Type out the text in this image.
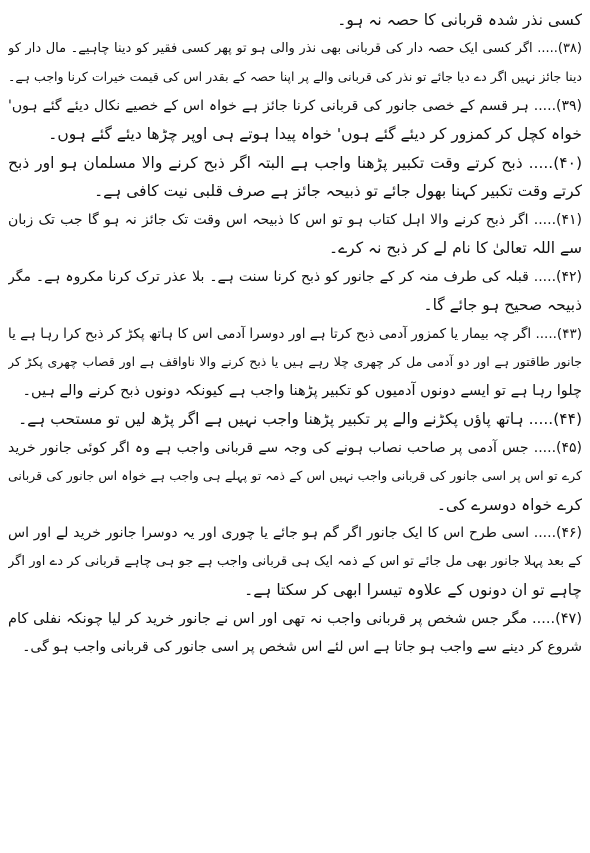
کسی نذر شدہ قربانی کا حصہ نہ ہو۔
(۳۸)..... اگر کسی ایک حصہ دار کی قربانی بھی نذر والی ہو تو پھر کسی فقیر کو دینا چاہیے۔ مال دار کو
دینا جائز نہیں اگر دے دیا جائے تو نذر کی قربانی والے پر اپنا حصہ کے بقدر اس کی قیمت خیرات کرنا واجب ہے۔
(۳۹)..... ہر قسم کے خصی جانور کی قربانی کرنا جائز ہے خواہ اس کے خصیے نکال دیئے گئے ہوں'
خواہ کچل کر کمزور کر دیئے گئے ہوں' خواہ پیدا ہوتے ہی اوپر چڑھا دیئے گئے ہوں۔
(۴۰)..... ذبح کرتے وقت تکبیر پڑھنا واجب ہے البتہ اگر ذبح کرنے والا مسلمان ہو اور ذبح
کرتے وقت تکبیر کہنا بھول جائے تو ذبیحہ جائز ہے صرف قلبی نیت کافی ہے۔
(۴۱)..... اگر ذبح کرنے والا اہل کتاب ہو تو اس کا ذبیحہ اس وقت تک جائز نہ ہو گا جب تک زبان
سے اللہ تعالیٰ کا نام لے کر ذبح نہ کرے۔
(۴۲)..... قبلہ کی طرف منہ کر کے جانور کو ذبح کرنا سنت ہے۔ بلا عذر ترک کرنا مکروہ ہے۔ مگر
ذبیحہ صحیح ہو جائے گا۔
(۴۳)..... اگر چہ بیمار یا کمزور آدمی ذبح کرتا ہے اور دوسرا آدمی اس کا ہاتھ پکڑ کر ذبح کرا رہا ہے یا
جانور طاقتور ہے اور دو آدمی مل کر چھری چلا رہے ہیں یا ذبح کرنے والا ناواقف ہے اور قصاب چھری پکڑ کر
چلوا رہا ہے تو ایسے دونوں آدمیوں کو تکبیر پڑھنا واجب ہے کیونکہ دونوں ذبح کرنے والے ہیں۔
(۴۴)..... ہاتھ پاؤں پکڑنے والے پر تکبیر پڑھنا واجب نہیں ہے اگر پڑھ لیں تو مستحب ہے۔
(۴۵)..... جس آدمی پر صاحب نصاب ہونے کی وجہ سے قربانی واجب ہے وہ اگر کوئی جانور خرید
کرے تو اس پر اسی جانور کی قربانی واجب نہیں اس کے ذمہ تو پہلے ہی واجب ہے خواہ اس جانور کی قربانی
کرے خواہ دوسرے کی۔
(۴۶)..... اسی طرح اس کا ایک جانور اگر گم ہو جائے یا چوری اور یہ دوسرا جانور خرید لے اور اس
کے بعد پہلا جانور بھی مل جائے تو اس کے ذمہ ایک ہی قربانی واجب ہے جو ہی چاہے قربانی کر دے اور اگر
چاہے تو ان دونوں کے علاوہ تیسرا ابھی کر سکتا ہے۔
(۴۷)..... مگر جس شخص پر قربانی واجب نہ تھی اور اس نے جانور خرید کر لیا چونکہ نفلی کام
شروع کر دینے سے واجب ہو جاتا ہے اس لئے اس شخص پر اسی جانور کی قربانی واجب ہو گی۔
